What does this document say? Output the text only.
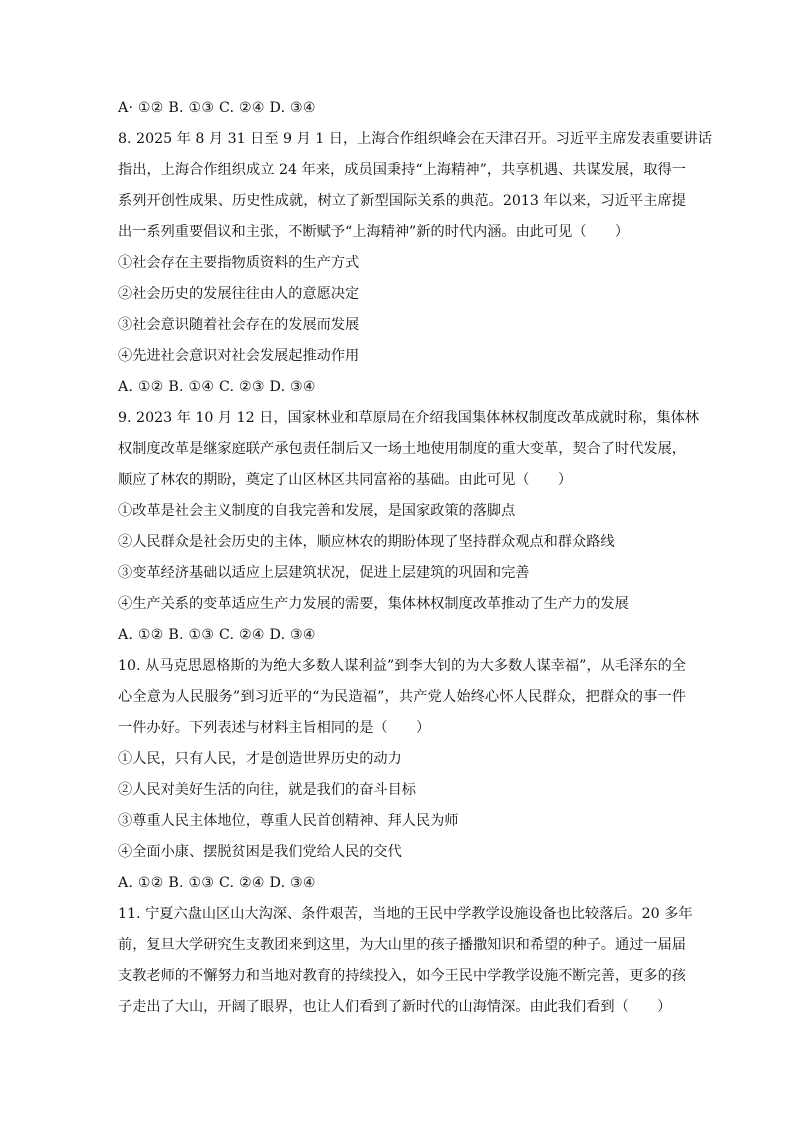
A· ①② B. ①③ C. ②④ D. ③④
8. 2025 年 8 月 31 日至 9 月 1 日，上海合作组织峰会在天津召开。习近平主席发表重要讲话
指出，上海合作组织成立 24 年来，成员国秉持“上海精神”，共享机遇、共谋发展，取得一
系列开创性成果、历史性成就，树立了新型国际关系的典范。2013 年以来，习近平主席提
出一系列重要倡议和主张，不断赋予“上海精神”新的时代内涵。由此可见（　　）
①社会存在主要指物质资料的生产方式
②社会历史的发展往往由人的意愿决定
③社会意识随着社会存在的发展而发展
④先进社会意识对社会发展起推动作用
A. ①② B. ①④ C. ②③ D. ③④
9. 2023 年 10 月 12 日，国家林业和草原局在介绍我国集体林权制度改革成就时称，集体林
权制度改革是继家庭联产承包责任制后又一场土地使用制度的重大变革，契合了时代发展，
顺应了林农的期盼，奠定了山区林区共同富裕的基础。由此可见（　　）
①改革是社会主义制度的自我完善和发展，是国家政策的落脚点
②人民群众是社会历史的主体，顺应林农的期盼体现了坚持群众观点和群众路线
③变革经济基础以适应上层建筑状况，促进上层建筑的巩固和完善
④生产关系的变革适应生产力发展的需要，集体林权制度改革推动了生产力的发展
A. ①② B. ①③ C. ②④ D. ③④
10. 从马克思恩格斯的为绝大多数人谋利益”到李大钊的为大多数人谋幸福”，从毛泽东的全
心全意为人民服务”到习近平的“为民造福”，共产党人始终心怀人民群众，把群众的事一件
一件办好。下列表述与材料主旨相同的是（　　）
①人民，只有人民，才是创造世界历史的动力
②人民对美好生活的向往，就是我们的奋斗目标
③尊重人民主体地位，尊重人民首创精神、拜人民为师
④全面小康、摆脱贫困是我们党给人民的交代
A. ①② B. ①③ C. ②④ D. ③④
11. 宁夏六盘山区山大沟深、条件艰苦，当地的王民中学教学设施设备也比较落后。20 多年
前，复旦大学研究生支教团来到这里，为大山里的孩子播撒知识和希望的种子。通过一届届
支教老师的不懈努力和当地对教育的持续投入，如今王民中学教学设施不断完善，更多的孩
子走出了大山，开阔了眼界，也让人们看到了新时代的山海情深。由此我们看到（　　）
